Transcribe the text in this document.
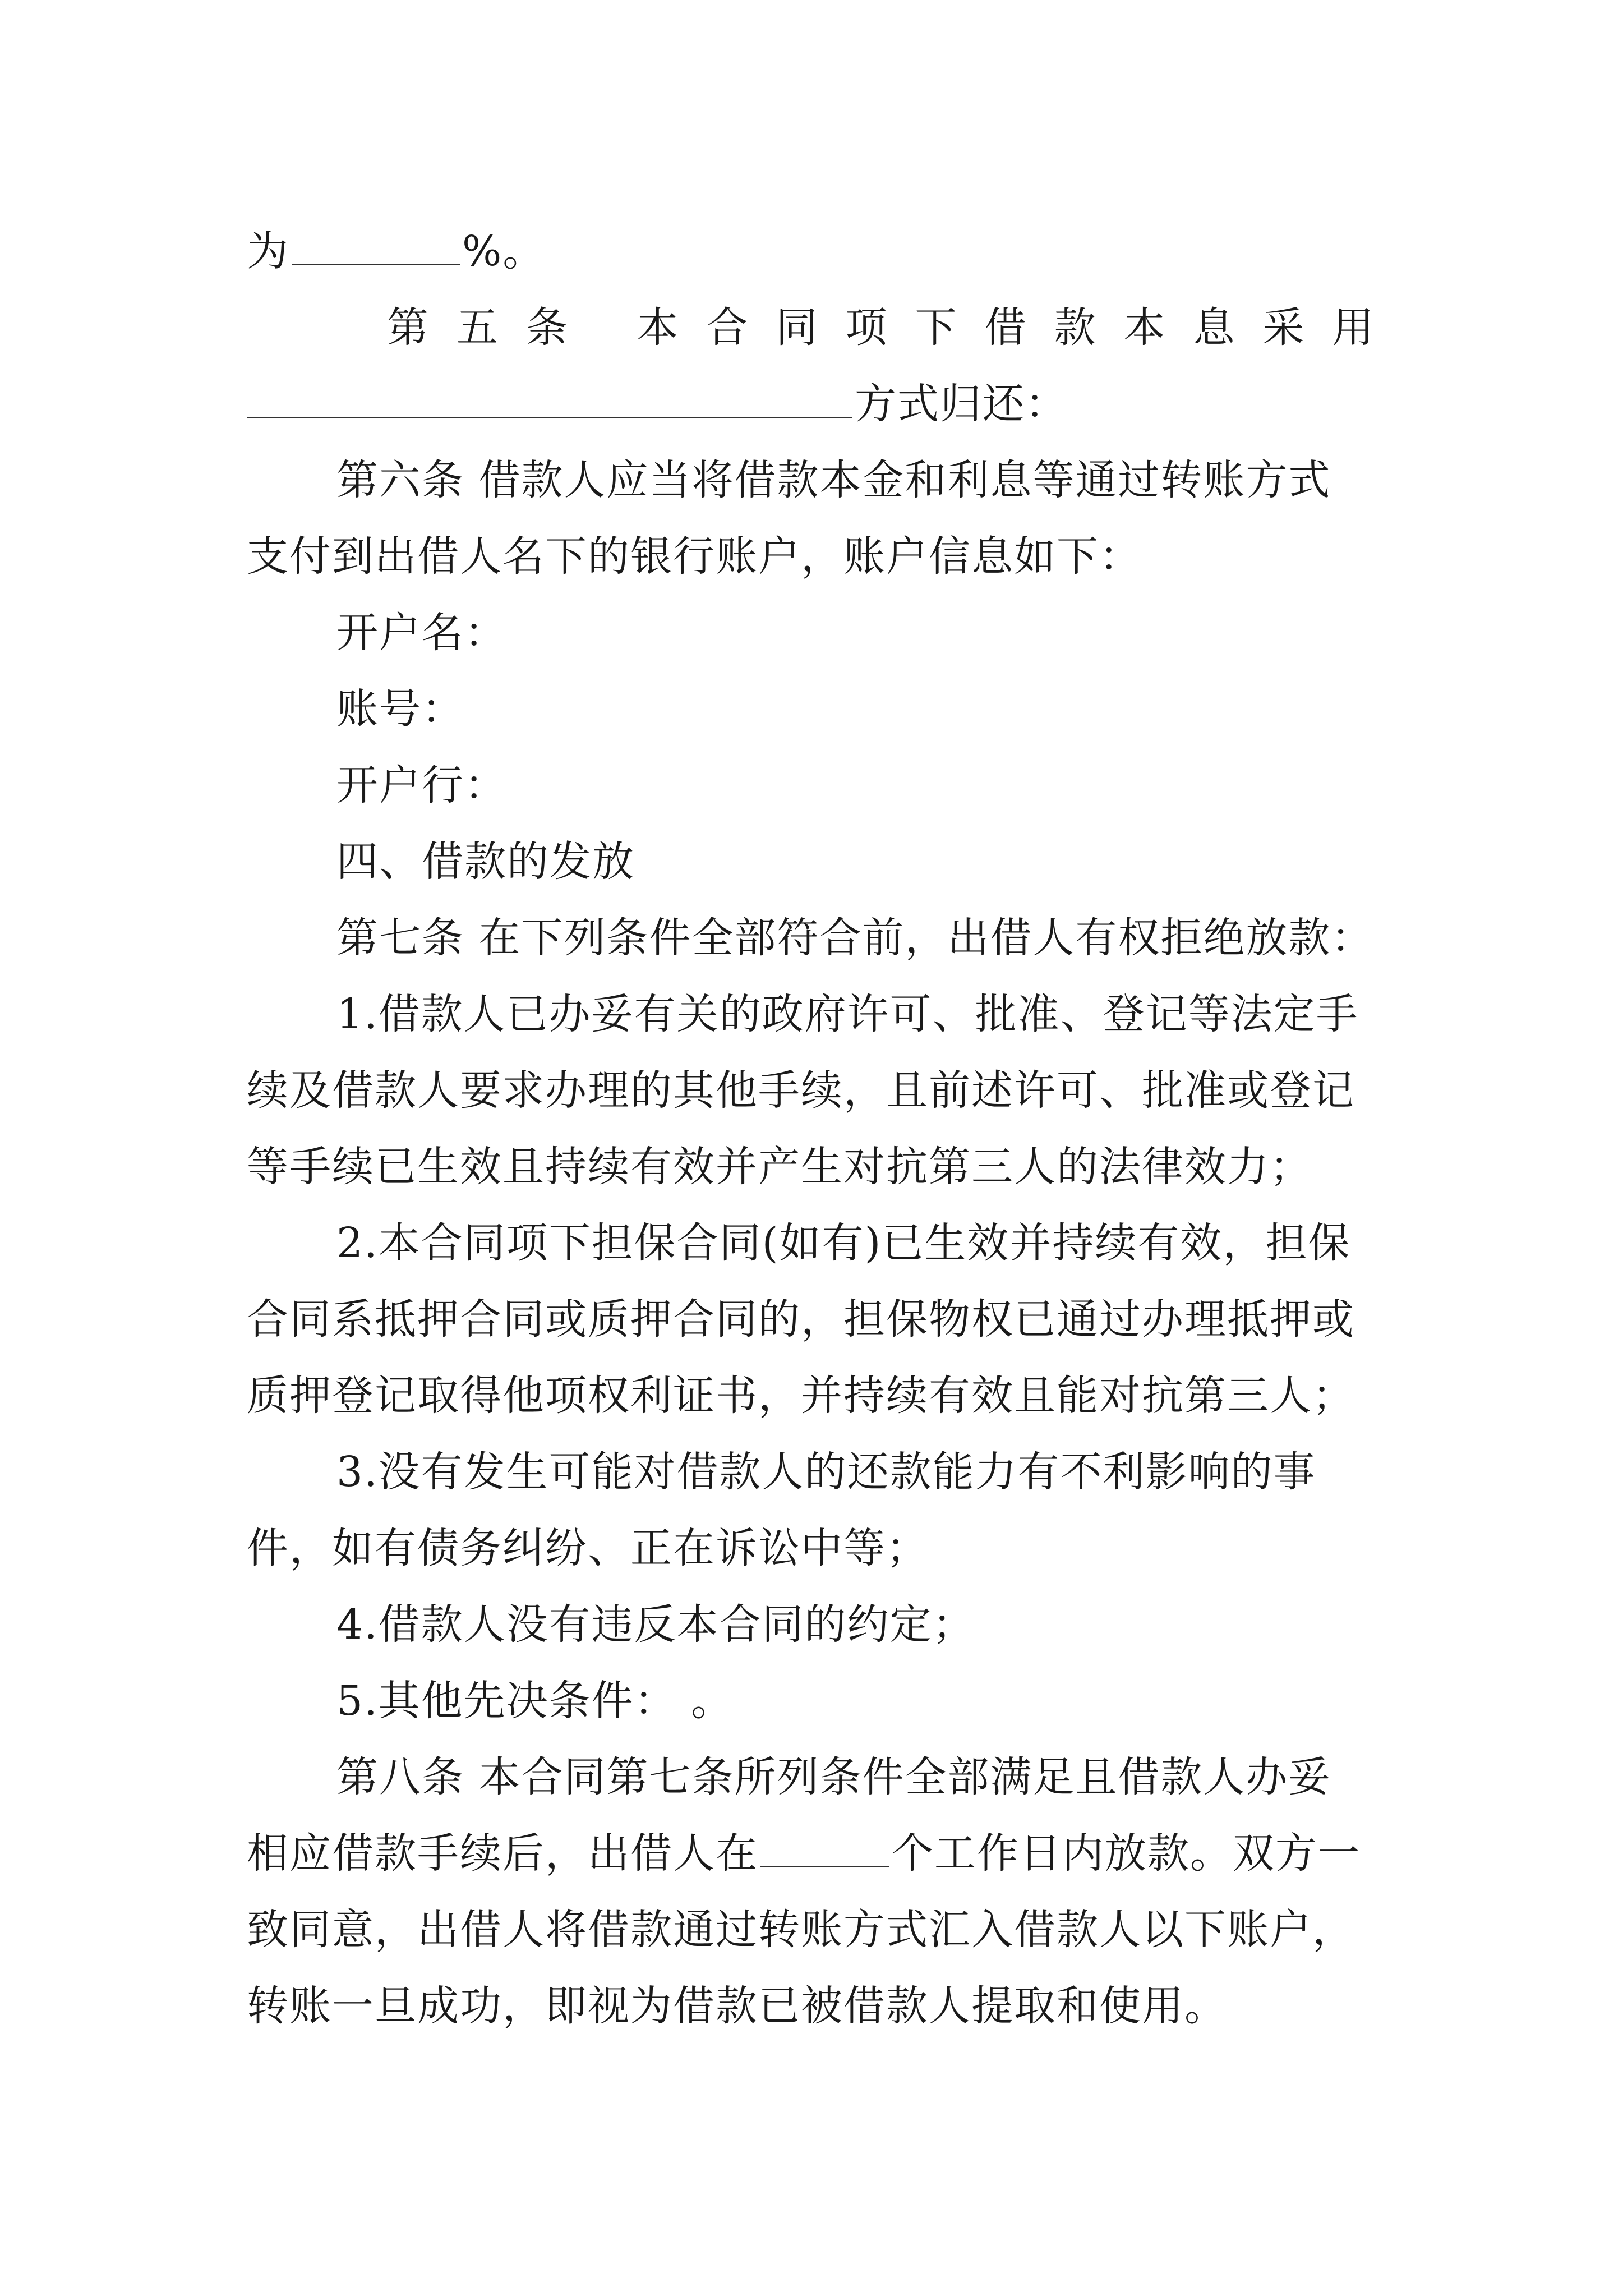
为	%。
第五条 本合同项下借款本息采用
方式归还：
第六条 借款人应当将借款本金和利息等通过转账方式
支付到出借人名下的银行账户，账户信息如下：
开户名：
账号：
开户行：
四、借款的发放
第七条 在下列条件全部符合前，出借人有权拒绝放款：
1.借款人已办妥有关的政府许可、批准、登记等法定手
续及借款人要求办理的其他手续，且前述许可、批准或登记
等手续已生效且持续有效并产生对抗第三人的法律效力；
2.本合同项下担保合同(如有)已生效并持续有效，担保
合同系抵押合同或质押合同的，担保物权已通过办理抵押或
质押登记取得他项权利证书，并持续有效且能对抗第三人；
3.没有发生可能对借款人的还款能力有不利影响的事
件，如有债务纠纷、正在诉讼中等；
4.借款人没有违反本合同的约定；
5.其他先决条件： 。
第八条 本合同第七条所列条件全部满足且借款人办妥
相应借款手续后，出借人在	个工作日内放款。双方一
致同意，出借人将借款通过转账方式汇入借款人以下账户，
转账一旦成功，即视为借款已被借款人提取和使用。
